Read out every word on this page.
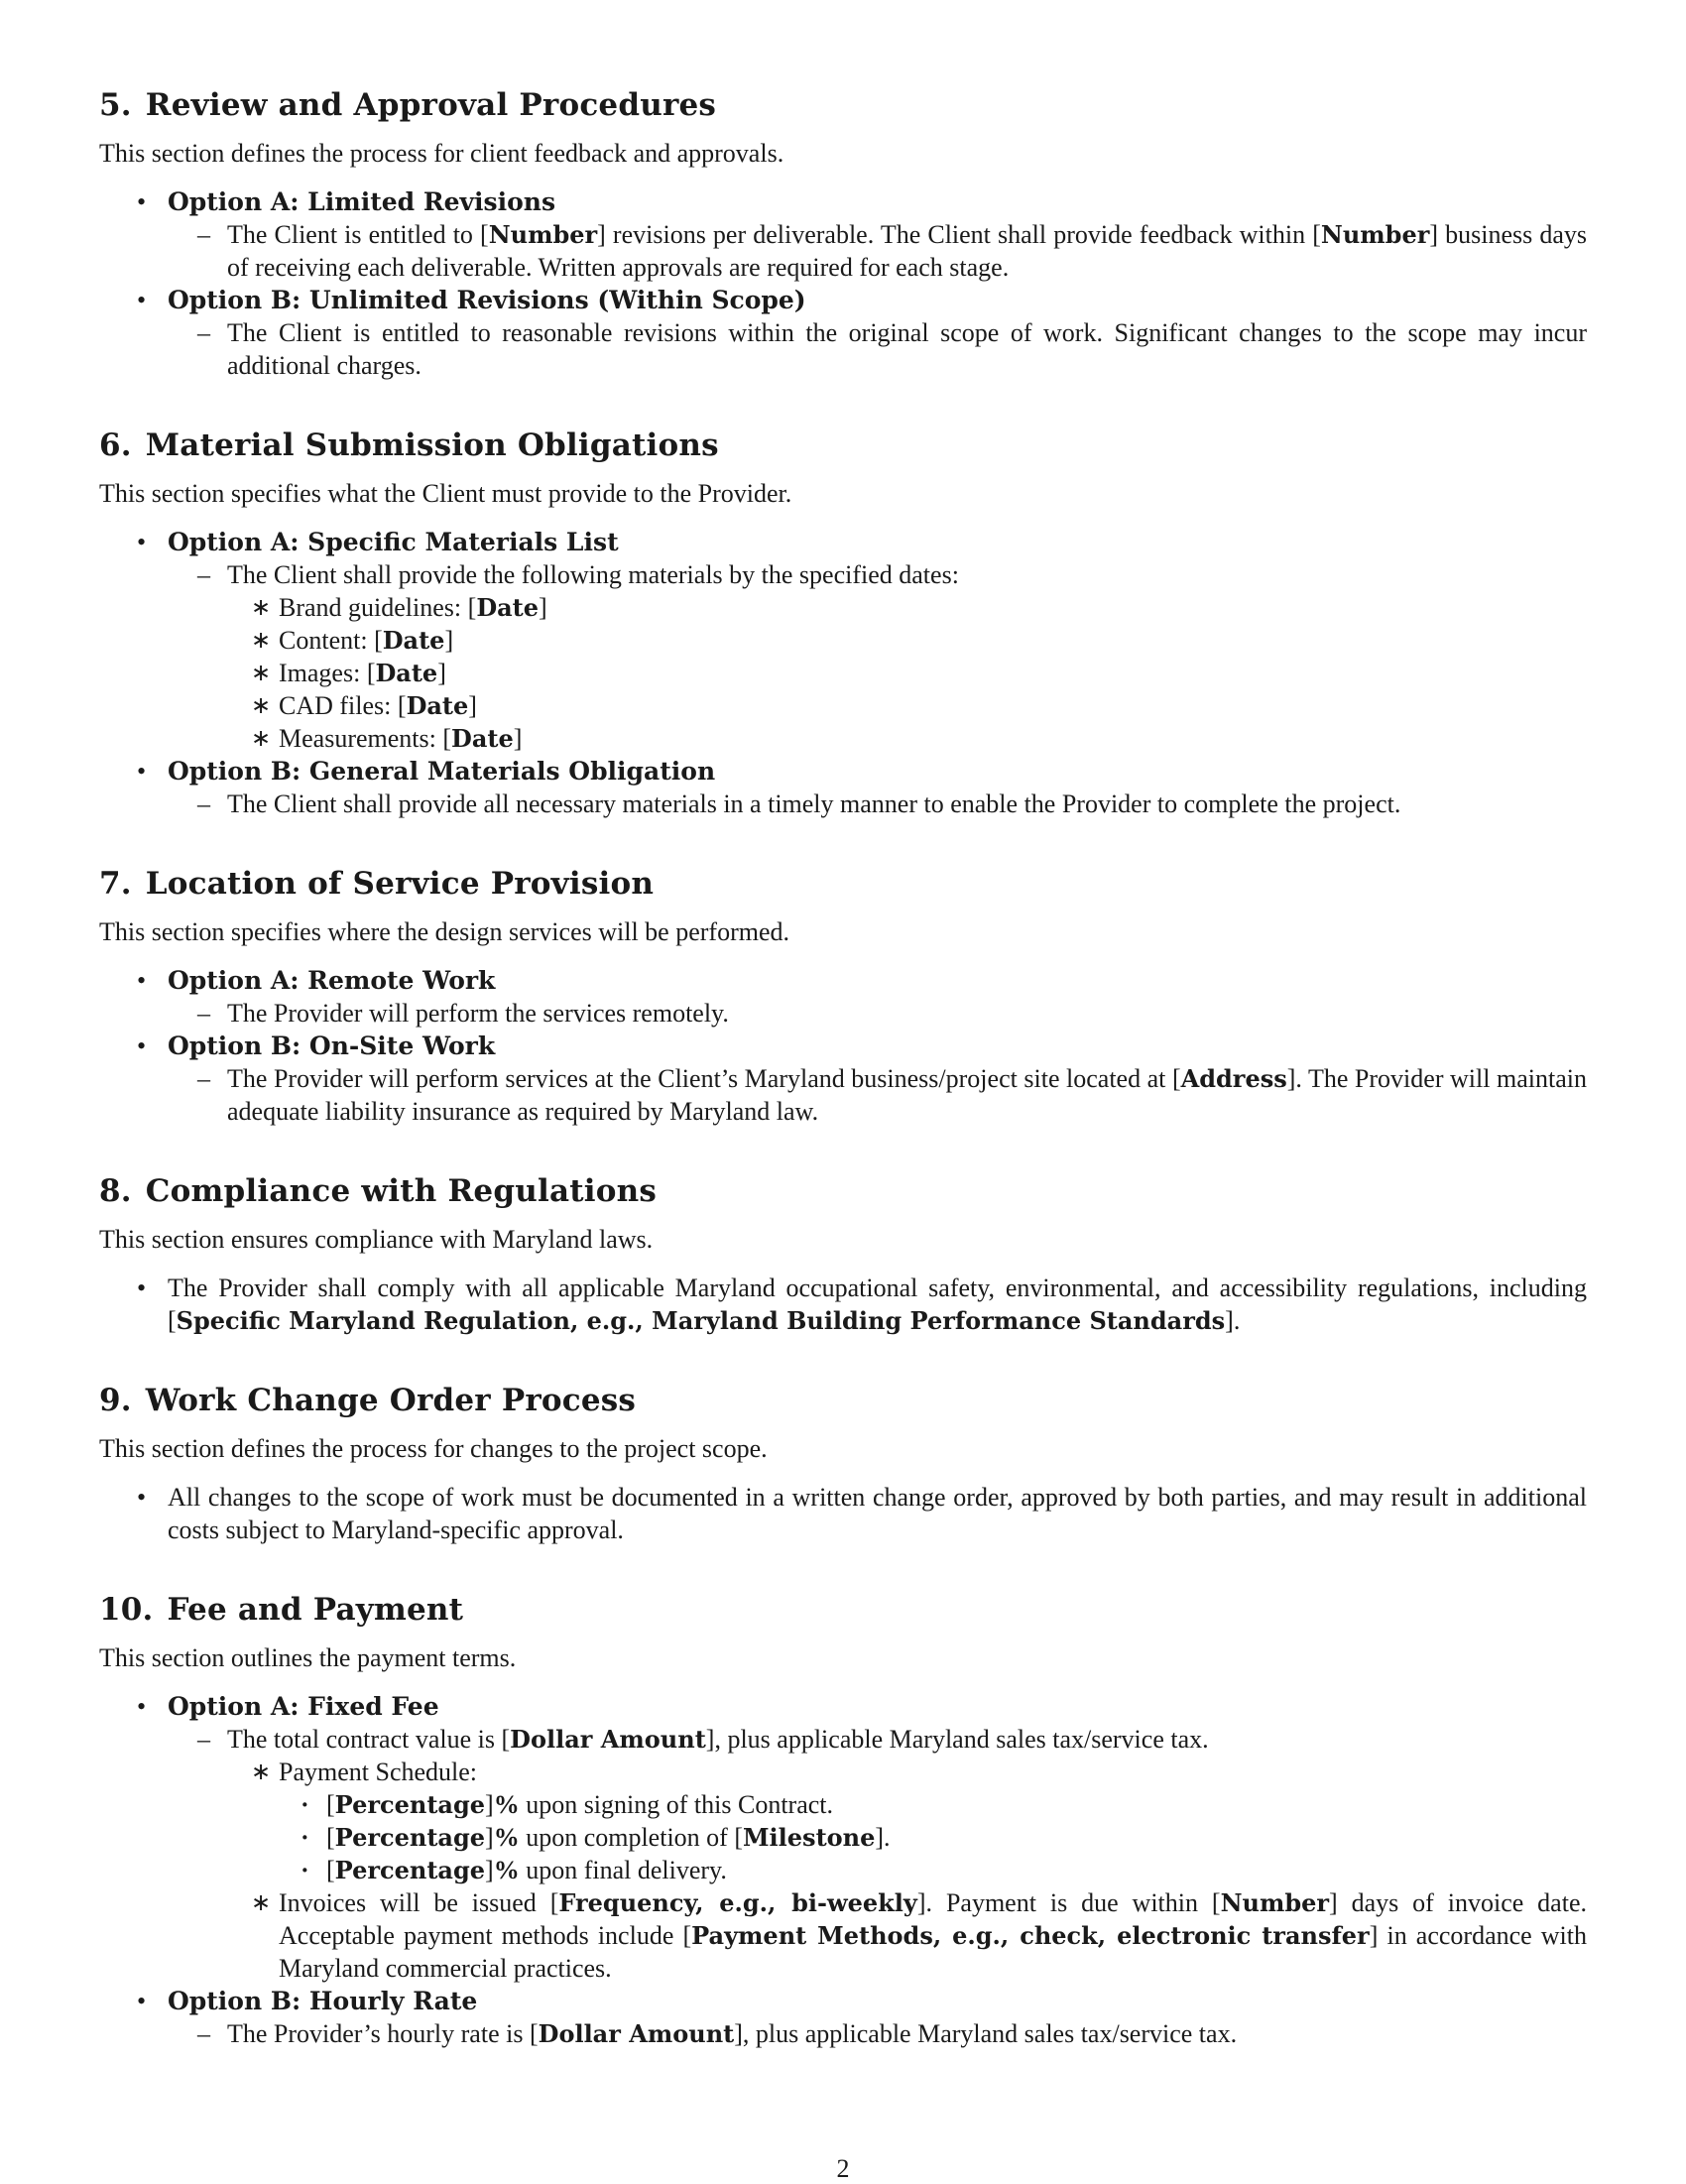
5. Review and Approval Procedures

This section defines the process for client feedback and approvals.

• Option A: Limited Revisions
– The Client is entitled to [Number] revisions per deliverable. The Client shall provide feedback within [Number] business days of receiving each deliverable. Written approvals are required for each stage.
• Option B: Unlimited Revisions (Within Scope)
– The Client is entitled to reasonable revisions within the original scope of work. Significant changes to the scope may incur additional charges.
6. Material Submission Obligations

This section specifies what the Client must provide to the Provider.

• Option A: Specific Materials List
– The Client shall provide the following materials by the specified dates:
∗ Brand guidelines: [Date]
∗ Content: [Date]
∗ Images: [Date]
∗ CAD files: [Date]
∗ Measurements: [Date]
• Option B: General Materials Obligation
– The Client shall provide all necessary materials in a timely manner to enable the Provider to complete the project.
7. Location of Service Provision

This section specifies where the design services will be performed.

• Option A: Remote Work
– The Provider will perform the services remotely.
• Option B: On-Site Work
– The Provider will perform services at the Client’s Maryland business/project site located at [Address]. The Provider will maintain adequate liability insurance as required by Maryland law.
8. Compliance with Regulations

This section ensures compliance with Maryland laws.

• The Provider shall comply with all applicable Maryland occupational safety, environmental, and accessibility regulations, including [Specific Maryland Regulation, e.g., Maryland Building Performance Standards].
9. Work Change Order Process

This section defines the process for changes to the project scope.

• All changes to the scope of work must be documented in a written change order, approved by both parties, and may result in additional costs subject to Maryland-specific approval.
10. Fee and Payment

This section outlines the payment terms.

• Option A: Fixed Fee
– The total contract value is [Dollar Amount], plus applicable Maryland sales tax/service tax.
∗ Payment Schedule:
· [Percentage]% upon signing of this Contract.
· [Percentage]% upon completion of [Milestone].
· [Percentage]% upon final delivery.
∗ Invoices will be issued [Frequency, e.g., bi-weekly]. Payment is due within [Number] days of invoice date. Acceptable payment methods include [Payment Methods, e.g., check, electronic transfer] in accordance with Maryland commercial practices.
• Option B: Hourly Rate
– The Provider’s hourly rate is [Dollar Amount], plus applicable Maryland sales tax/service tax.
2
